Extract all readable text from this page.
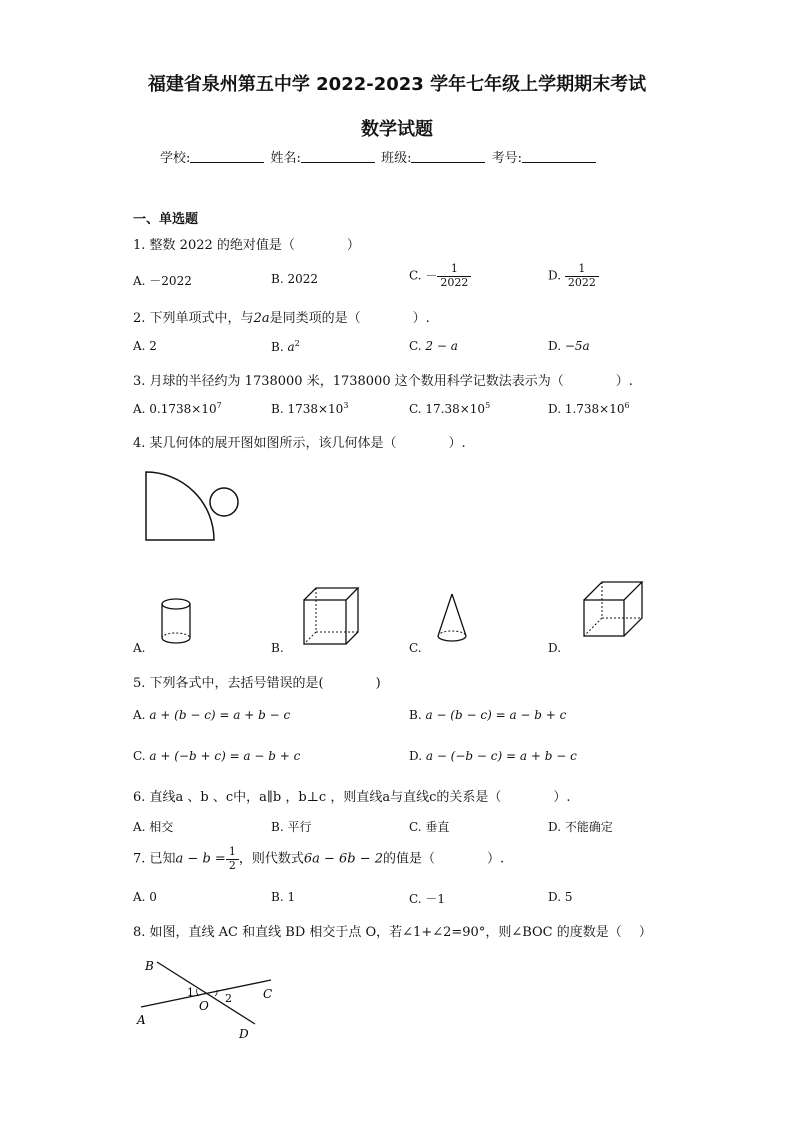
福建省泉州第五中学 2022-2023 学年七年级上学期期末考试
数学试题
学校:	姓名:	班级:	考号:
一、单选题
1. 整数 2022 的绝对值是（　　　　）
A. －2022	B. 2022	C. － $\frac{1}{2022}$	D. $\frac{1}{2022}$
2. 下列单项式中，与2a是同类项的是（　　　　）.
A. 2	B. $a^2$	C. 2 − a	D. −5a
3. 月球的半径约为 1738000 米，1738000 这个数用科学记数法表示为（　　　　）.
A. $0.1738\times 10^7$	B. $1738\times 10^3$	C. $17.38\times 10^5$	D. $1.738\times 10^6$
4. 某几何体的展开图如图所示，该几何体是（　　　　）.
A.	B.	C.	D.
5. 下列各式中，去括号错误的是(　　　　)
A. a + (b − c) = a + b − c	B. a − (b − c) = a − b + c
C. a + (−b + c) = a − b + c	D. a − (−b − c) = a + b − c
6. 直线a 、b 、c中，a∥b ，b⊥c ，则直线a与直线c的关系是（　　　　）.
A. 相交	B. 平行	C. 垂直	D. 不能确定
7. 已知$a - b = \frac{1}{2}$ ，则代数式6a − 6b − 2的值是（　　　　）.
A. 0	B. 1	C. －1	D. 5
8. 如图，直线 AC 和直线 BD 相交于点 O，若∠1+∠2=90°，则∠BOC 的度数是（　 ）
B
C
A
D
O
1	2
